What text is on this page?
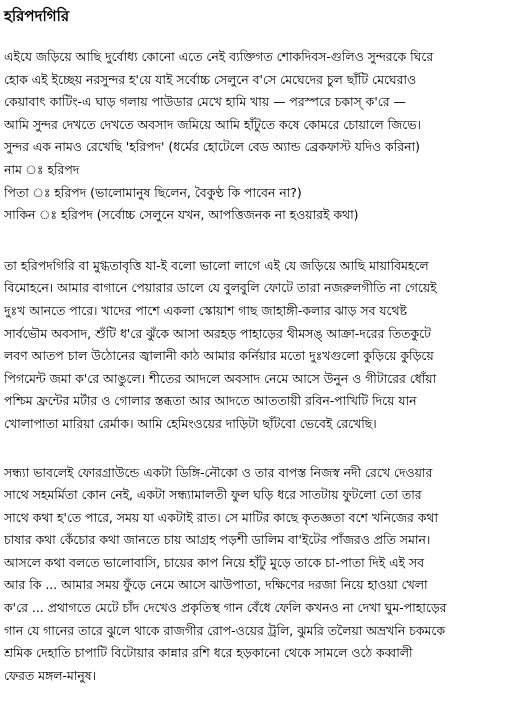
হরিপদগিরি
এইযে জড়িয়ে আছি দুর্বোধ্য কোনো এতে নেই ব্যক্তিগত শোকদিবস-গুলিও সুন্দরকে ঘিরে
হোক এই ইচ্ছেয় নরসুন্দর হ'য়ে যাই সর্বোচ্চ সেলুনে ব'সে মেঘেদের চুল ছাঁটি মেঘেরাও
কেয়াবাৎ কাটিং-এ ঘাড় গলায় পাউডার মেখে হামি খায় — পরস্পরে চকাস্‌ ক'রে —
আমি সুন্দর দেখতে দেখতে অবসাদ জমিয়ে আমি হাঁটুতে কষে কোমরে চোয়ালে জিভে।
সুন্দর এক নামও রেখেছি 'হরিপদ' (ধর্মের হোটেলে বেড অ্যান্ড ব্রেকফাস্ট যদিও করিনা)
নাম ঃ হরিপদ
পিতা ঃ হরিপদ (ভালোমানুষ ছিলেন, বৈকুণ্ঠ কি পাবেন না?)
সাকিন ঃ হরিপদ (সর্বোচ্চ সেলুনে যখন, আপত্তিজনক না হওয়ারই কথা)
তা হরিপদগিরি বা মুগ্ধতাবৃত্তি যা-ই বলো ভালো লাগে এই যে জড়িয়ে আছি মায়াবিমহলে
বিমোহনে। আমার বাগানে পেয়ারার ডালে যে বুলবুলি ফোটে তারা নজরুলগীতি না গেয়েই
দুঃখ আনতে পারে। খাদের পাশে একলা স্কোয়াশ গাছ জাহাঙ্গী-কলার ঝাড় সব যথেষ্ট
সার্বভৌম অবসাদ, শুঁটি ধ'রে ঝুঁকে আসা অরহড় পাহাড়ের থীমসঙ্ আক্রা-দরের তিতকুটে
লবণ আতপ চাল উঠোনের জ্বালানী কাঠ আমার কর্নিয়ার মতো দুঃখগুলো কুড়িয়ে কুড়িয়ে
পিগমেন্ট জমা ক'রে আঙুলে। শীতের আদলে অবসাদ নেমে আসে উনুন ও গীটারের ধোঁয়া
পশ্চিম ফ্রন্টের মর্টার ও গোলার স্তব্ধতা আর আদতে আততায়ী রবিন-পাখিটি দিয়ে যান
খোলাপাতা মারিয়া রের্মাক। আমি হেমিংওয়ের দাড়িটা ছাঁটবো ভেবেই রেখেছি।
সন্ধ্যা ভাবলেই ফোরগ্রাউন্ডে একটা ডিঙ্গি-নৌকো ও তার বাপস্ত নিজস্ব নদী রেখে দেওয়ার
সাথে সহমর্মিতা কোন নেই, একটা সন্ধ্যামালতী ফুল ঘড়ি ধরে সাতটায় ফুটলো তো তার
সাথে কথা হ'তে পারে, সময় যা একটাই রাত। সে মাটির কাছে কৃতজ্ঞতা বশে খনিজের কথা
চাষার কথা কেঁচোর কথা জানতে চায় আগ্রহ পড়শী ডালিম বা'ইটের পাঁজরও প্রতি সমান।
আসলে কথা বলতে ভালোবাসি, চায়ের কাপ নিয়ে হাঁটু মুড়ে তাকে চা-পাতা দিই এই সব
আর কি ... আমার সময় ফুঁড়ে নেমে আসে ঝাউপাতা, দক্ষিণের দরজা নিয়ে হাওয়া খেলা
ক'রে ... প্রথাগতে মেটে চাঁদ দেখেও প্রকৃতিস্থ গান বেঁধে ফেলি কখনও না দেখা ঘুম-পাহাড়ের
গান যে গানের তারে ঝুলে থাকে রাজগীর রোপ-ওয়ের ট্রলি, ঝুমরি তলৈয়া অভ্রখনি চকমকে
শ্রমিক দেহাতি চাপাটি বিটোয়ার কান্নার রশি ধরে হড়কানো থেকে সামলে ওঠে কব্বালী
ফেরত মঙ্গল-মানুষ।
